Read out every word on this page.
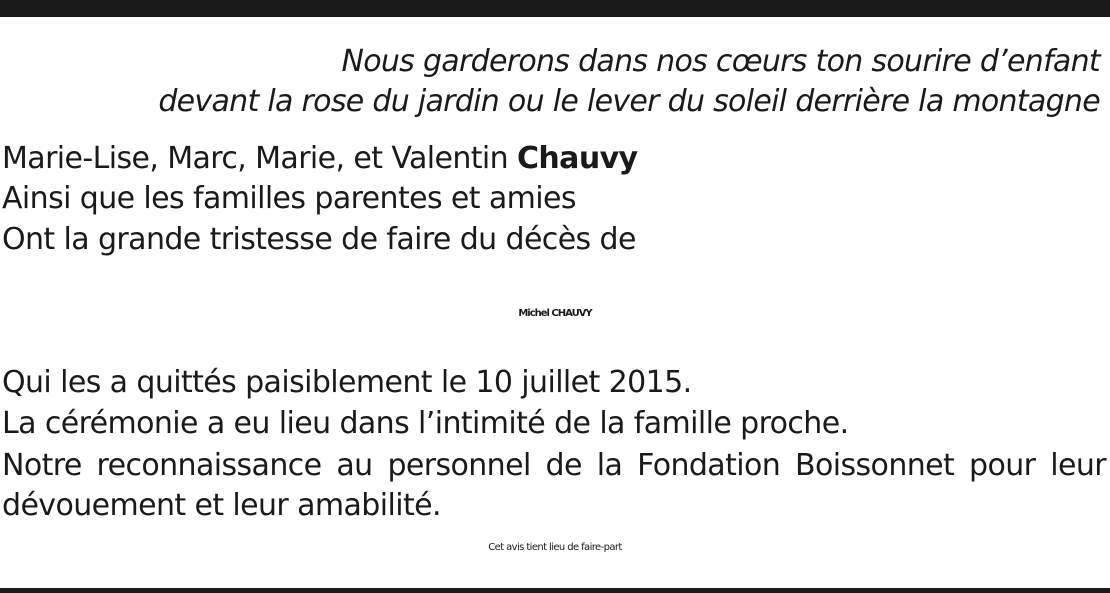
Nous garderons dans nos cœurs ton sourire d’enfant
devant la rose du jardin ou le lever du soleil derrière la montagne
Marie-Lise, Marc, Marie, et Valentin Chauvy
Ainsi que les familles parentes et amies
Ont la grande tristesse de faire du décès de
Michel CHAUVY
Qui les a quittés paisiblement le 10 juillet 2015.
La cérémonie a eu lieu dans l’intimité de la famille proche.
Notre reconnaissance au personnel de la Fondation Boissonnet pour leur
dévouement et leur amabilité.
Cet avis tient lieu de faire-part
